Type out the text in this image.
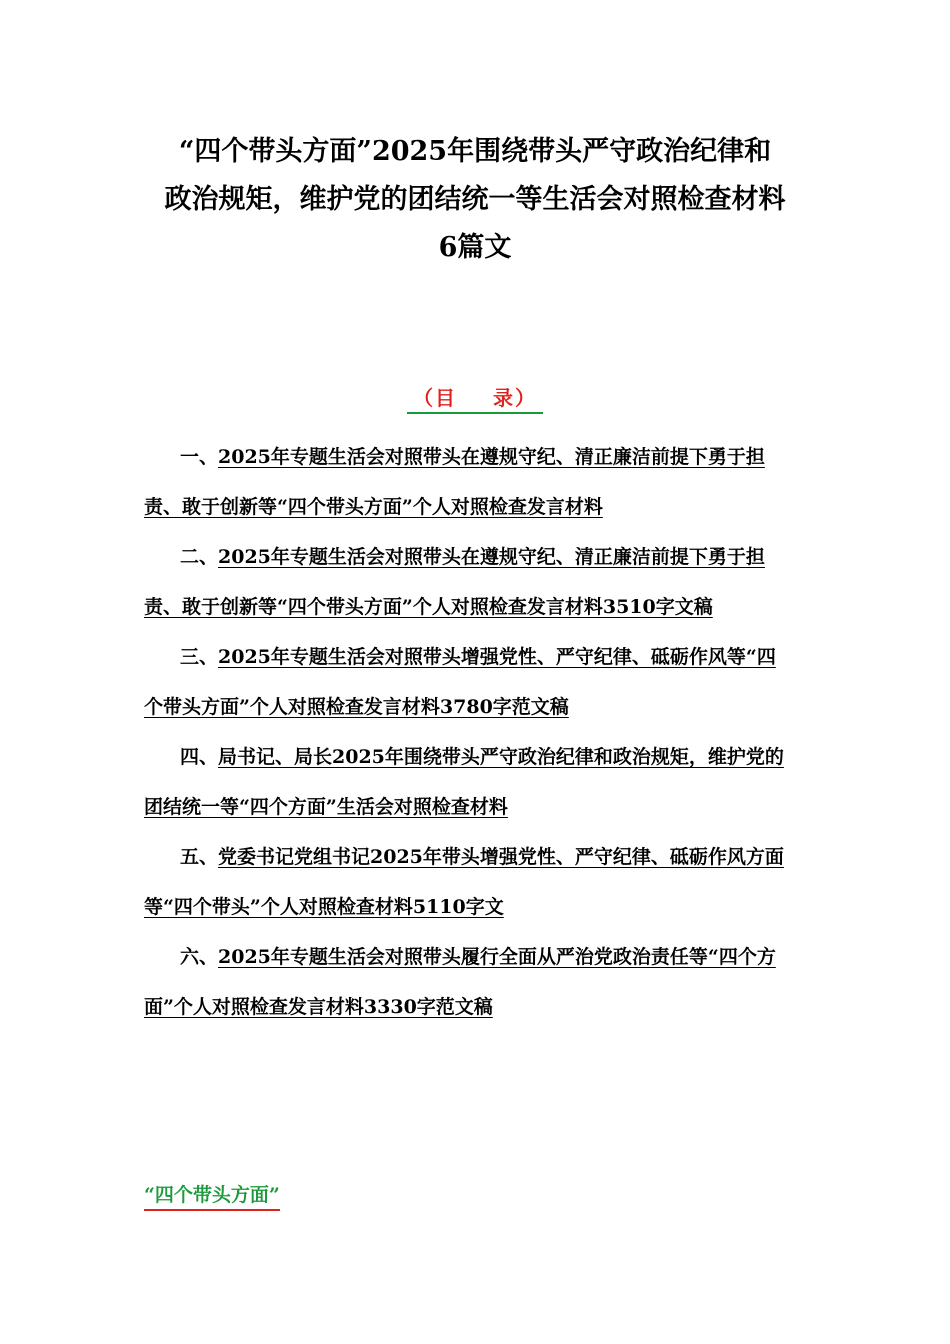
“四个带头方面”2025年围绕带头严守政治纪律和
政治规矩，维护党的团结统一等生活会对照检查材料
6篇文
（目 录）

一、2025年专题生活会对照带头在遵规守纪、清正廉洁前提下勇于担责、敢于创新等“四个带头方面”个人对照检查发言材料

二、2025年专题生活会对照带头在遵规守纪、清正廉洁前提下勇于担责、敢于创新等“四个带头方面”个人对照检查发言材料3510字文稿

三、2025年专题生活会对照带头增强党性、严守纪律、砥砺作风等“四个带头方面”个人对照检查发言材料3780字范文稿

四、局书记、局长2025年围绕带头严守政治纪律和政治规矩，维护党的团结统一等“四个方面”生活会对照检查材料

五、党委书记党组书记2025年带头增强党性、严守纪律、砥砺作风方面等“四个带头”个人对照检查材料5110字文

六、2025年专题生活会对照带头履行全面从严治党政治责任等“四个方面”个人对照检查发言材料3330字范文稿

“四个带头方面”
